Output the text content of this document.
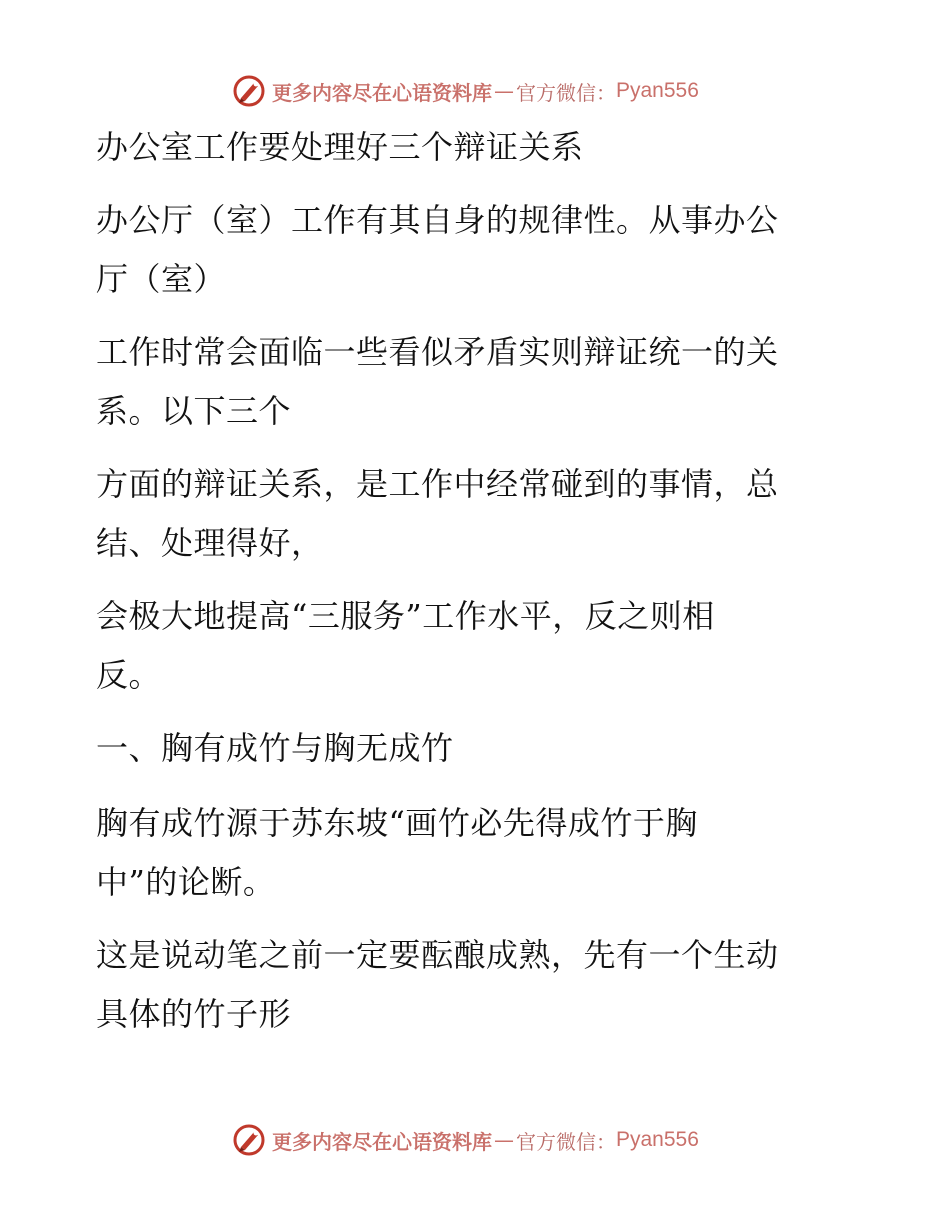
更多内容尽在心语资料库 — 官方微信： Pyan556
办公室工作要处理好三个辩证关系
办公厅（室）工作有其自身的规律性。从事办公
厅（室）
工作时常会面临一些看似矛盾实则辩证统一的关
系。以下三个
方面的辩证关系，是工作中经常碰到的事情，总
结、处理得好，
会极大地提高“三服务”工作水平，反之则相
反。
一、胸有成竹与胸无成竹
胸有成竹源于苏东坡“画竹必先得成竹于胸
中”的论断。
这是说动笔之前一定要酝酿成熟，先有一个生动
具体的竹子形
更多内容尽在心语资料库 — 官方微信： Pyan556
